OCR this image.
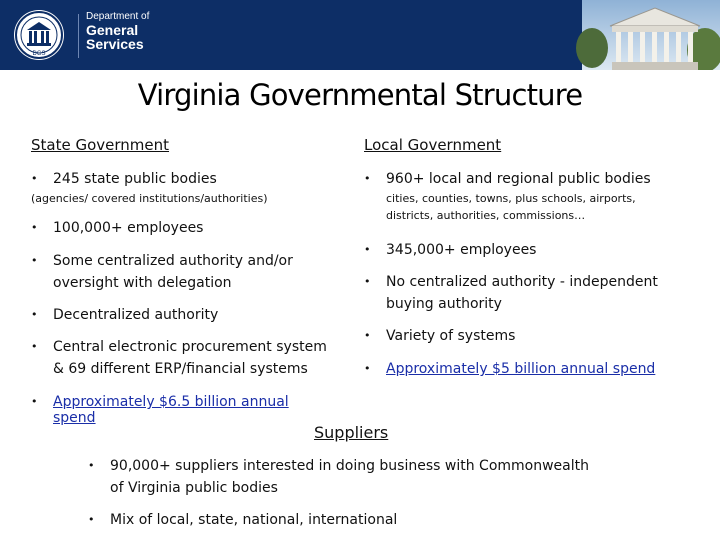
DGS
Department of
General
Services
Virginia Governmental Structure
State Government
• 245 state public bodies
(agencies/ covered institutions/authorities)
• 100,000+ employees
• Some centralized authority and/or
oversight with delegation
• Decentralized authority
• Central electronic procurement system
& 69 different ERP/financial systems
• Approximately $6.5 billion annual
spend
Local Government
• 960+ local and regional public bodies
cities, counties, towns, plus schools, airports,
districts, authorities, commissions…
• 345,000+ employees
• No centralized authority - independent
buying authority
• Variety of systems
• Approximately $5 billion annual spend
Suppliers
• 90,000+ suppliers interested in doing business with Commonwealth
of Virginia public bodies
• Mix of local, state, national, international
